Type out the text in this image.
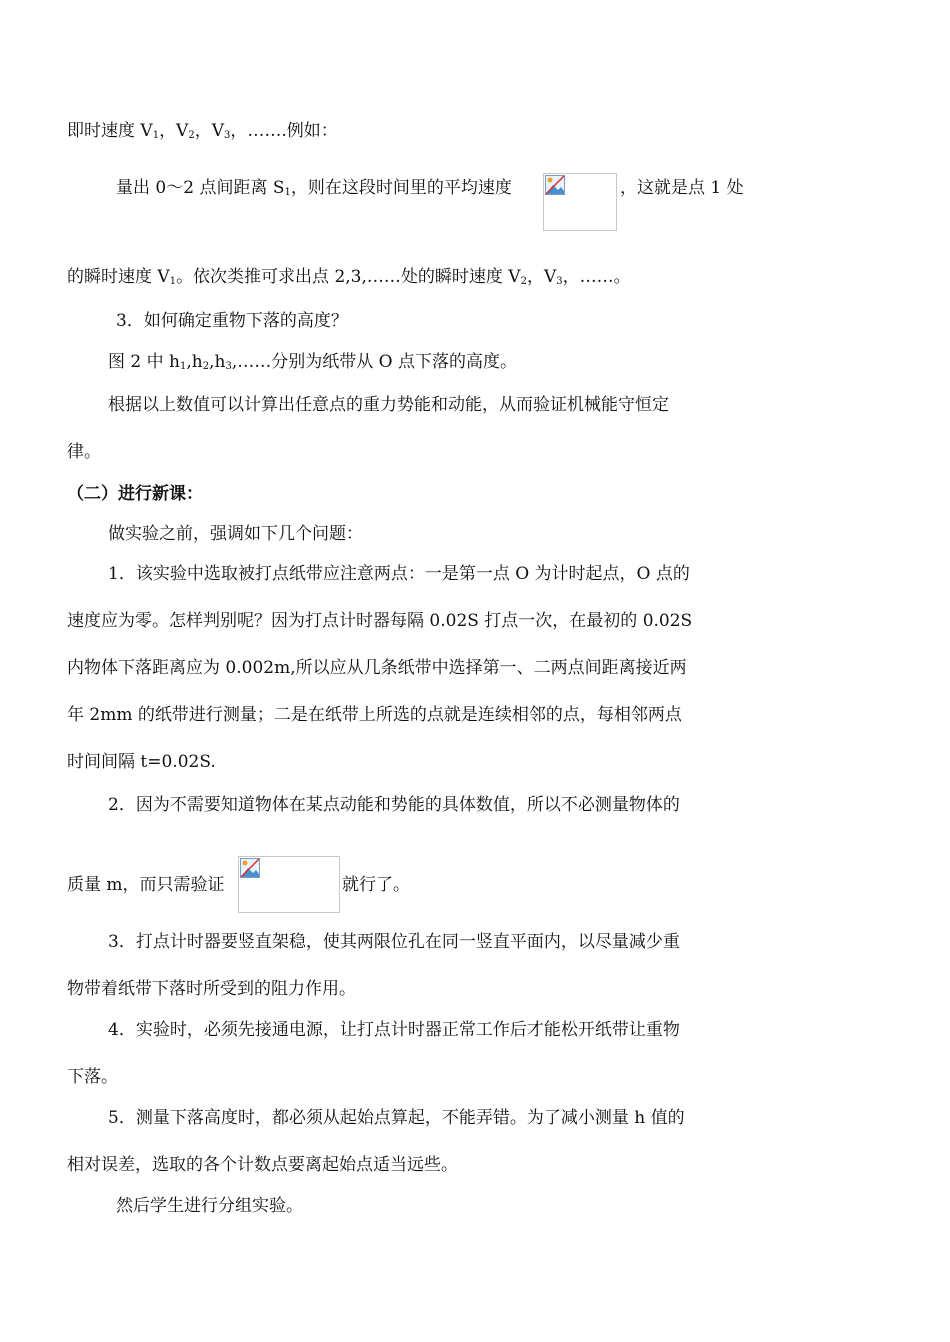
即时速度 $V_1$，$V_2$，$V_3$，…….例如：
量出 0～2 点间距离 $S_1$，则在这段时间里的平均速度	，这就是点 1 处
的瞬时速度 $V_1$。依次类推可求出点 2,3,……处的瞬时速度 $V_2$，$V_3$，……。
3．如何确定重物下落的高度？
图 2 中 $h_1,h_2,h_3,\dots\dots$分别为纸带从 O 点下落的高度。
根据以上数值可以计算出任意点的重力势能和动能，从而验证机械能守恒定
律。
（二）进行新课：
做实验之前，强调如下几个问题：
1．该实验中选取被打点纸带应注意两点：一是第一点 O 为计时起点，O 点的
速度应为零。怎样判别呢？因为打点计时器每隔 0.02S 打点一次，在最初的 0.02S
内物体下落距离应为 0.002m,所以应从几条纸带中选择第一、二两点间距离接近两
年 2mm 的纸带进行测量；二是在纸带上所选的点就是连续相邻的点，每相邻两点
时间间隔 t=0.02S.
2．因为不需要知道物体在某点动能和势能的具体数值，所以不必测量物体的
质量 m，而只需验证	就行了。
3．打点计时器要竖直架稳，使其两限位孔在同一竖直平面内，以尽量减少重
物带着纸带下落时所受到的阻力作用。
4．实验时，必须先接通电源，让打点计时器正常工作后才能松开纸带让重物
下落。
5．测量下落高度时，都必须从起始点算起，不能弄错。为了减小测量 h 值的
相对误差，选取的各个计数点要离起始点适当远些。
然后学生进行分组实验。
